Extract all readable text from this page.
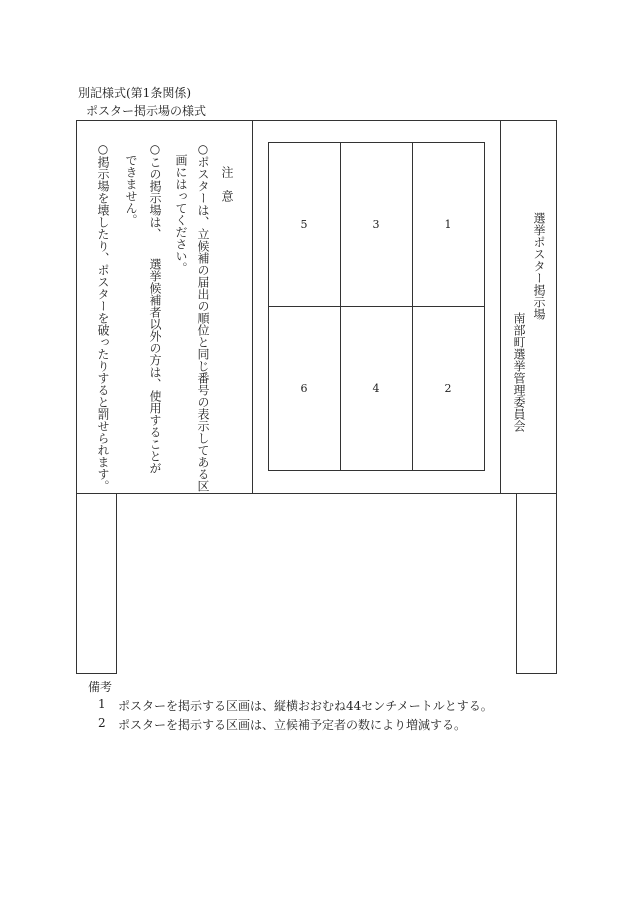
別記様式(第1条関係)
ポスター掲示場の様式
注　意
○ポスターは、立候補の届出の順位と同じ番号の表示してある区
画にはってください。
○この掲示場は、　　選挙候補者以外の方は、使用することが
できません。
○掲示場を壊したり、ポスターを破ったりすると罰せられます。	5	3	1
6	4	2
選挙ポスター掲示場
南部町選挙管理委員会
備考
1 ポスターを掲示する区画は、縦横おおむね44センチメートルとする。
2 ポスターを掲示する区画は、立候補予定者の数により増減する。
